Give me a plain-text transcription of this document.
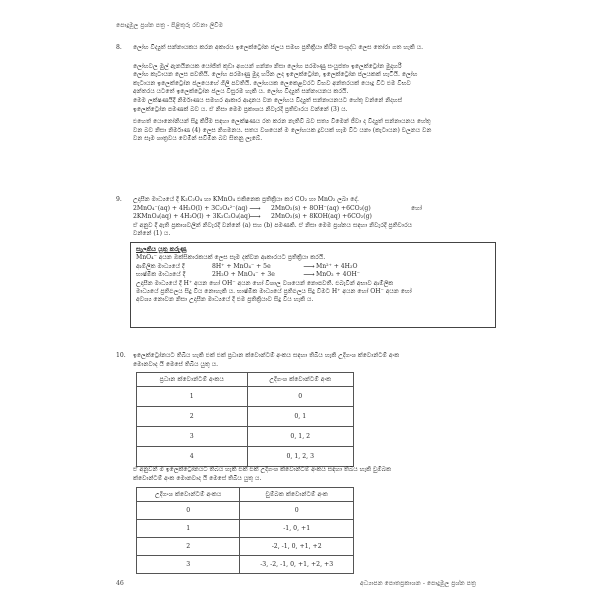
පොදුමූල ප්‍රශ්න පත්‍ර - පිළිතුරු රචනා ලිවීම
8. ලෝහ විද්‍යුත් සන්නායකය කරන අකාරය ඉලෙක්ට්‍රෝන ජලය සමඟ ප්‍රතික්‍රියා කිරීම සංශුද්ධ ලෙස තෝරා ගත හැකි ය.
ලෝහවල මුල් ඇනයිනයක යෝජිත් කුඩා අගයන් ගන්නා නිසා ලෝහ පරමාණු සංයුජතා ඉලෙක්ට්‍රෝන මුදාහරී
ලෝහ කැටායන ලෙස පවතියි. ලෝහ පරමාණු මුදා හරින ලද ඉලෙක්ට්‍රෝන, ඉලෙක්ට්‍රෝන ජලයකක් හැටියි. ලෝහ
කැටායන ඉලෙක්ට්‍රෝන ජලයෙහේ ගිලී පවතියි. ලෝහයක ලෙකෙළවරට විභව අන්තරයක් යොදූ විට එම විභව
අන්තරය යටතේ ඉලෙක්ට්‍රෝන ජලය විසුරම හැකි ය. ලෝහ විද්‍යුත් සන්නායනය කරයි.
මෙම ලක්ෂණයිදී නිර්මාණය සමහර ආකාර ආදානය වන ලෝහය විද්‍යුත් සන්නායනයට හේතු වන්නේ නිදහස්
ඉලෙක්ට්‍රෝන පමණක් බව ය. ඒ නිසා මෙම ප්‍රකාශය නිවැරදි ප්‍රතිචාරය වන්නේ (3) ය.
එහෙත් යොනෝනියන් සිදු කිරීම සඳහා ලෙක්ෂණය රත කරන නැතිවී බව සත්‍ය වීමෙන් ජීවා ද විද්‍යුත් සන්නායනය හේතු
වන බව නිසා නිර්මාණ (4) ලෙස නිගමනය. සතය වශයෙන් ම ලෝහයක ද්‍රවයක් හැම විට යනා (කැටායන) චලනය වන
වන සෑම ශාත්‍රවය වෙමින් සවිමින බව සිතනු ලැබේ.
9. උදාසීන මාධ්‍යයේ දී K₂C₂O₄ හා KMnO₄ එකිනෙක ප්‍රතික්‍රියා කර CO₂ හා MnO₂ ලබා දේ.
2MnO₄⁻(aq) + 4H₂O(l) + 3C₂O₄²⁻(aq) ⟶	2MnO₂(s) + 8OH⁻(aq) +6CO₂(g)	හෝ
2KMnO₄(aq) + 4H₂O(l) + 3K₂C₂O₄(aq)
⟶	2MnO₂(s) + 8KOH(aq) +6CO₂(g)
ඒ අනුව දී ඇති ප්‍රකාශවලින් නිවැරදි වන්නේ (a) සහ (b) පමණකි. ඒ නිසා මෙම ප්‍රශ්නය සඳහා නිවැරදි ප්‍රතිචාරය
වන්නේ (1) ය.
සැලකිය යුතු කරුණු
MnO₄⁻ අයන ඔක්සිකාරකයක් ලෙස සෑම දක්වන ආකාරයට ප්‍රතික්‍රියා කරයි.
ආම්ලික මාධ්‍යයේ දී	8H⁺ + MnO₄⁻ + 5e	⟶ Mn²⁺ + 4H₂O
භාෂ්මික මාධ්‍යයේ දී	2H₂O + MnO₄⁻ + 3e	⟶ MnO₂ + 4OH⁻
උදාසීන මාධ්‍යයේ දී H⁺ අයන හෝ OH⁻ අයන හෝ විශාල වශයෙන් නොපවතී. එබැවින් අභාව ආම්ලික
මාධ්‍යයේ ප්‍රතිඵලය සිදු විය නොහැකි ය. භාෂ්මික මාධ්‍යයේ ප්‍රතිඵලය සිදු වීමට H⁺ අයන හෝ OH⁻ අයන හෝ
අවශ්‍ය නොවන නිසා උදාසීන මාධ්‍යයේ දී එම ප්‍රතික්‍රියාව සිදු විය හැකි ය.
10. ඉලෙක්ට්‍රෝනයට තිබිය හැකි එක් එක් ප්‍රධාන ක්වොන්ටම් අංකය සඳහා තිබිය හැකි උදිගංශ ක්වොන්ටම් අංක
මොනවාද යි මෙසේ තිබිය යුතු ය.
ප්‍රධාන ක්වොන්ටම් අංකය	උදිගංශ ක්වොන්ටම් අංක
1	0
2	0, 1
3	0, 1, 2
4	0, 1, 2, 3
ඒ අනුවින් ම ඉලෙක්ට්‍රෝනයට තිබිය හැකි එක් එක් උදිගංශ ක්වොන්ටම් අංකය සඳහා තිබිය හැකි චුම්බක
ක්වොන්ටම් අංක මොනවාද යි මෙසේ තිබිය යුතු ය.
උදිගංශ ක්වොන්ටම් අංකය	චුම්බක ක්වොන්ටම් අංක
0	0
1	-1, 0, +1
2	-2, -1, 0, +1, +2
3	-3, -2, -1, 0, +1, +2, +3
46	අධ්‍යාපන පොතප්‍රකාශන - පොදුමූල ප්‍රශ්න පත්‍ර
